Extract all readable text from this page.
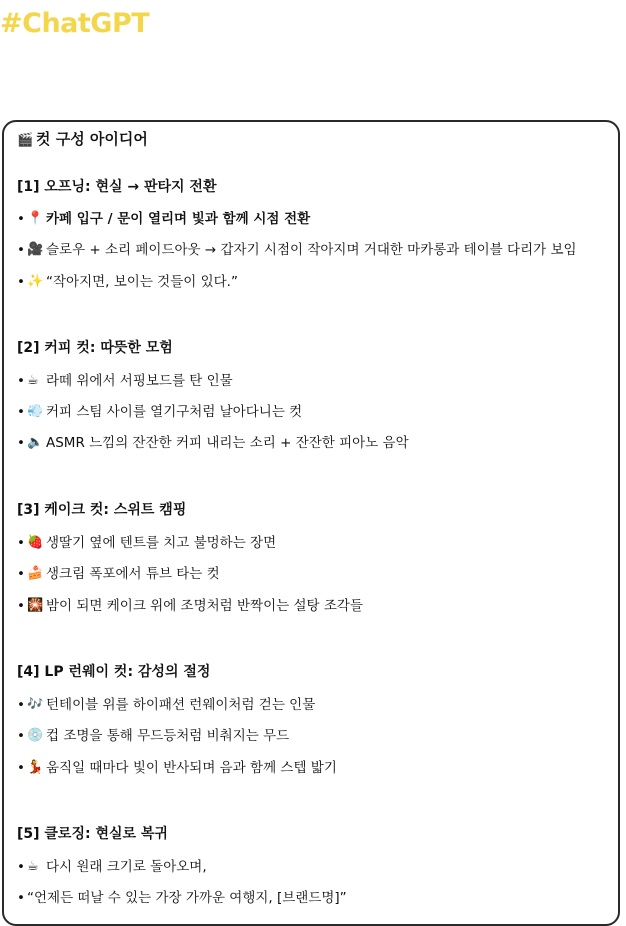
#ChatGPT
🎬 컷 구성 아이디어
[1] 오프닝: 현실 → 판타지 전환
• 📍 카페 입구 / 문이 열리며 빛과 함께 시점 전환
• 🎥 슬로우 + 소리 페이드아웃 → 갑자기 시점이 작아지며 거대한 마카롱과 테이블 다리가 보임
• ✨ “작아지면, 보이는 것들이 있다.”
[2] 커피 컷: 따뜻한 모험
• ☕ 라떼 위에서 서핑보드를 탄 인물
• 💨 커피 스팀 사이를 열기구처럼 날아다니는 컷
• 🔈 ASMR 느낌의 잔잔한 커피 내리는 소리 + 잔잔한 피아노 음악
[3] 케이크 컷: 스위트 캠핑
• 🍓 생딸기 옆에 텐트를 치고 불멍하는 장면
• 🍰 생크림 폭포에서 튜브 타는 컷
• 🎇 밤이 되면 케이크 위에 조명처럼 반짝이는 설탕 조각들
[4] LP 런웨이 컷: 감성의 절정
• 🎶 턴테이블 위를 하이패션 런웨이처럼 걷는 인물
• 💿 컵 조명을 통해 무드등처럼 비춰지는 무드
• 💃 움직일 때마다 빛이 반사되며 음과 함께 스텝 밟기
[5] 클로징: 현실로 복귀
• ☕ 다시 원래 크기로 돌아오며,
• “언제든 떠날 수 있는 가장 가까운 여행지, [브랜드명]”
